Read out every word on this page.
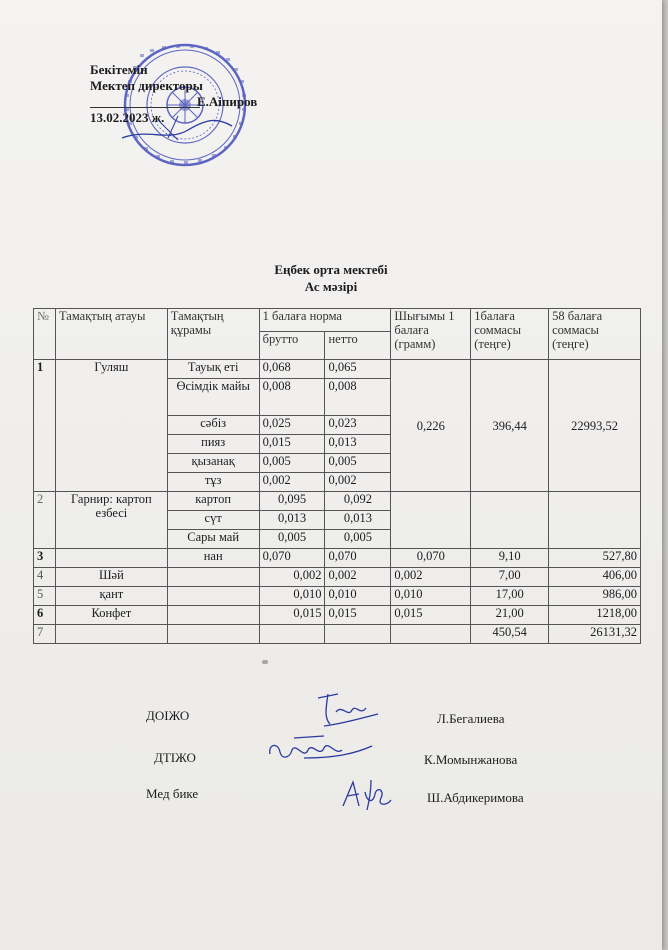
Бекітемін
Мектеп директоры
Е.Аіпиров
13.02.2023 ж.
Еңбек орта мектебі
Ас мәзірі
№	Тамақтың атауы	Тамақтың құрамы	1 балаға норма		Шығымы 1 балаға (грамм)	1балаға соммасы (теңге)	58 балаға соммасы (теңге)
			брутто	нетто			
1	Гуляш	Тауық еті	0,068	0,065	0,226	396,44	22993,52
		Өсімдік майы	0,008	0,008			
		сәбіз	0,025	0,023			
		пияз	0,015	0,013			
		қызанақ	0,005	0,005			
		тұз	0,002	0,002			
2	Гарнир: картоп езбесі	картоп	0,095	0,092			
		сүт	0,013	0,013			
		Сары май	0,005	0,005			
3		нан	0,070	0,070	0,070	9,10	527,80
4	Шәй		0,002	0,002	0,002	7,00	406,00
5	қант		0,010	0,010	0,010	17,00	986,00
6	Конфет		0,015	0,015	0,015	21,00	1218,00
7						450,54	26131,32
ДОІЖО	Л.Бегалиева
ДТІЖО	К.Момынжанова
Мед бике	Ш.Абдикеримова
